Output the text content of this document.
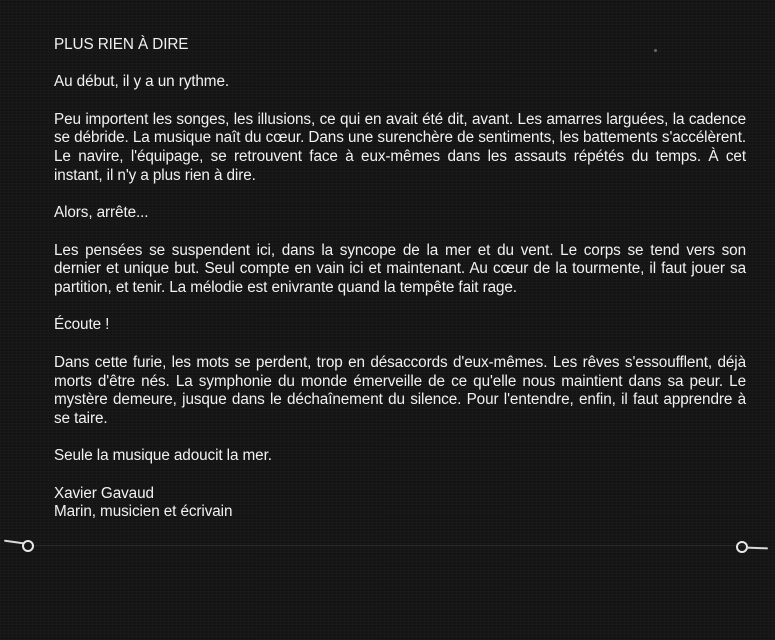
PLUS RIEN À DIRE

Au début, il y a un rythme.

Peu importent les songes, les illusions, ce qui en avait été dit, avant. Les amarres larguées, la cadence se débride. La musique naît du cœur. Dans une surenchère de sentiments, les battements s'accélèrent. Le navire, l'équipage, se retrouvent face à eux-mêmes dans les assauts répétés du temps. À cet instant, il n'y a plus rien à dire.

Alors, arrête...

Les pensées se suspendent ici, dans la syncope de la mer et du vent. Le corps se tend vers son dernier et unique but. Seul compte en vain ici et maintenant. Au cœur de la tourmente, il faut jouer sa partition, et tenir. La mélodie est enivrante quand la tempête fait rage.

Écoute !

Dans cette furie, les mots se perdent, trop en désaccords d'eux-mêmes. Les rêves s'essoufflent, déjà morts d'être nés. La symphonie du monde émerveille de ce qu'elle nous maintient dans sa peur. Le mystère demeure, jusque dans le déchaînement du silence. Pour l'entendre, enfin, il faut apprendre à se taire.

Seule la musique adoucit la mer.

Xavier Gavaud

Marin, musicien et écrivain
